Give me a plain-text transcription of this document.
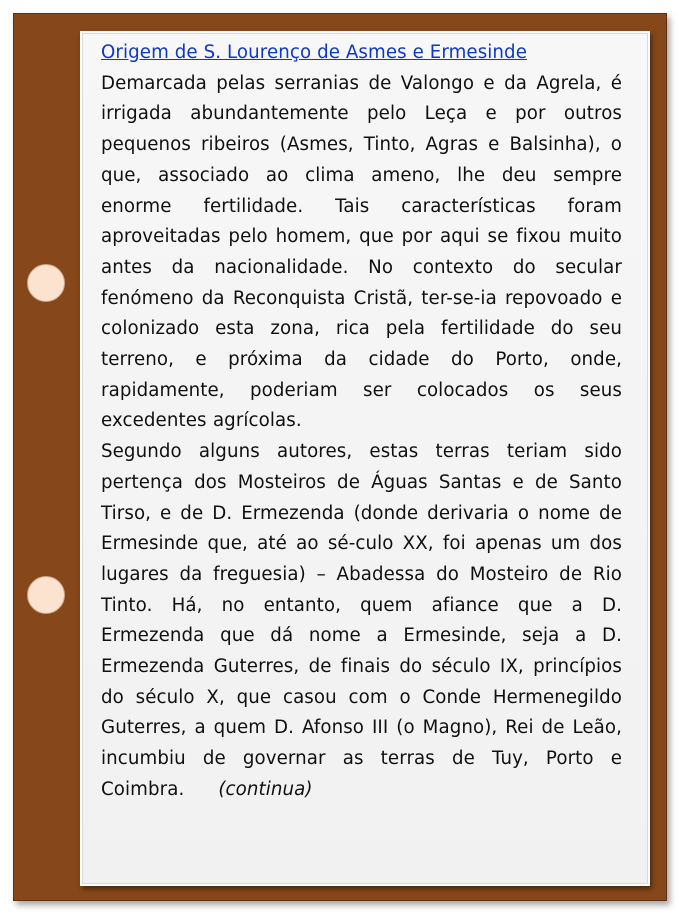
Origem de S. Lourenço de Asmes e Ermesinde

Demarcada pelas serranias de Valongo e da Agrela, é irrigada abundantemente pelo Leça e por outros pequenos ribeiros (Asmes, Tinto, Agras e Balsinha), o que, associado ao clima ameno, lhe deu sempre enorme fertilidade. Tais características foram aproveitadas pelo homem, que por aqui se fixou muito antes da nacionalidade. No contexto do secular fenómeno da Reconquista Cristã, ter-se-ia repovoado e colonizado esta zona, rica pela fertilidade do seu terreno, e próxima da cidade do Porto, onde, rapidamente, poderiam ser colocados os seus excedentes agrícolas.

Segundo alguns autores, estas terras teriam sido pertença dos Mosteiros de Águas Santas e de Santo Tirso, e de D. Ermezenda (donde derivaria o nome de Ermesinde que, até ao sé-culo XX, foi apenas um dos lugares da freguesia) – Abadessa do Mosteiro de Rio Tinto. Há, no entanto, quem afiance que a D. Ermezenda que dá nome a Ermesinde, seja a D. Ermezenda Guterres, de finais do século IX, princípios do século X, que casou com o Conde Hermenegildo Guterres, a quem D. Afonso III (o Magno), Rei de Leão, incumbiu de governar as terras de Tuy, Porto e Coimbra. (continua)
